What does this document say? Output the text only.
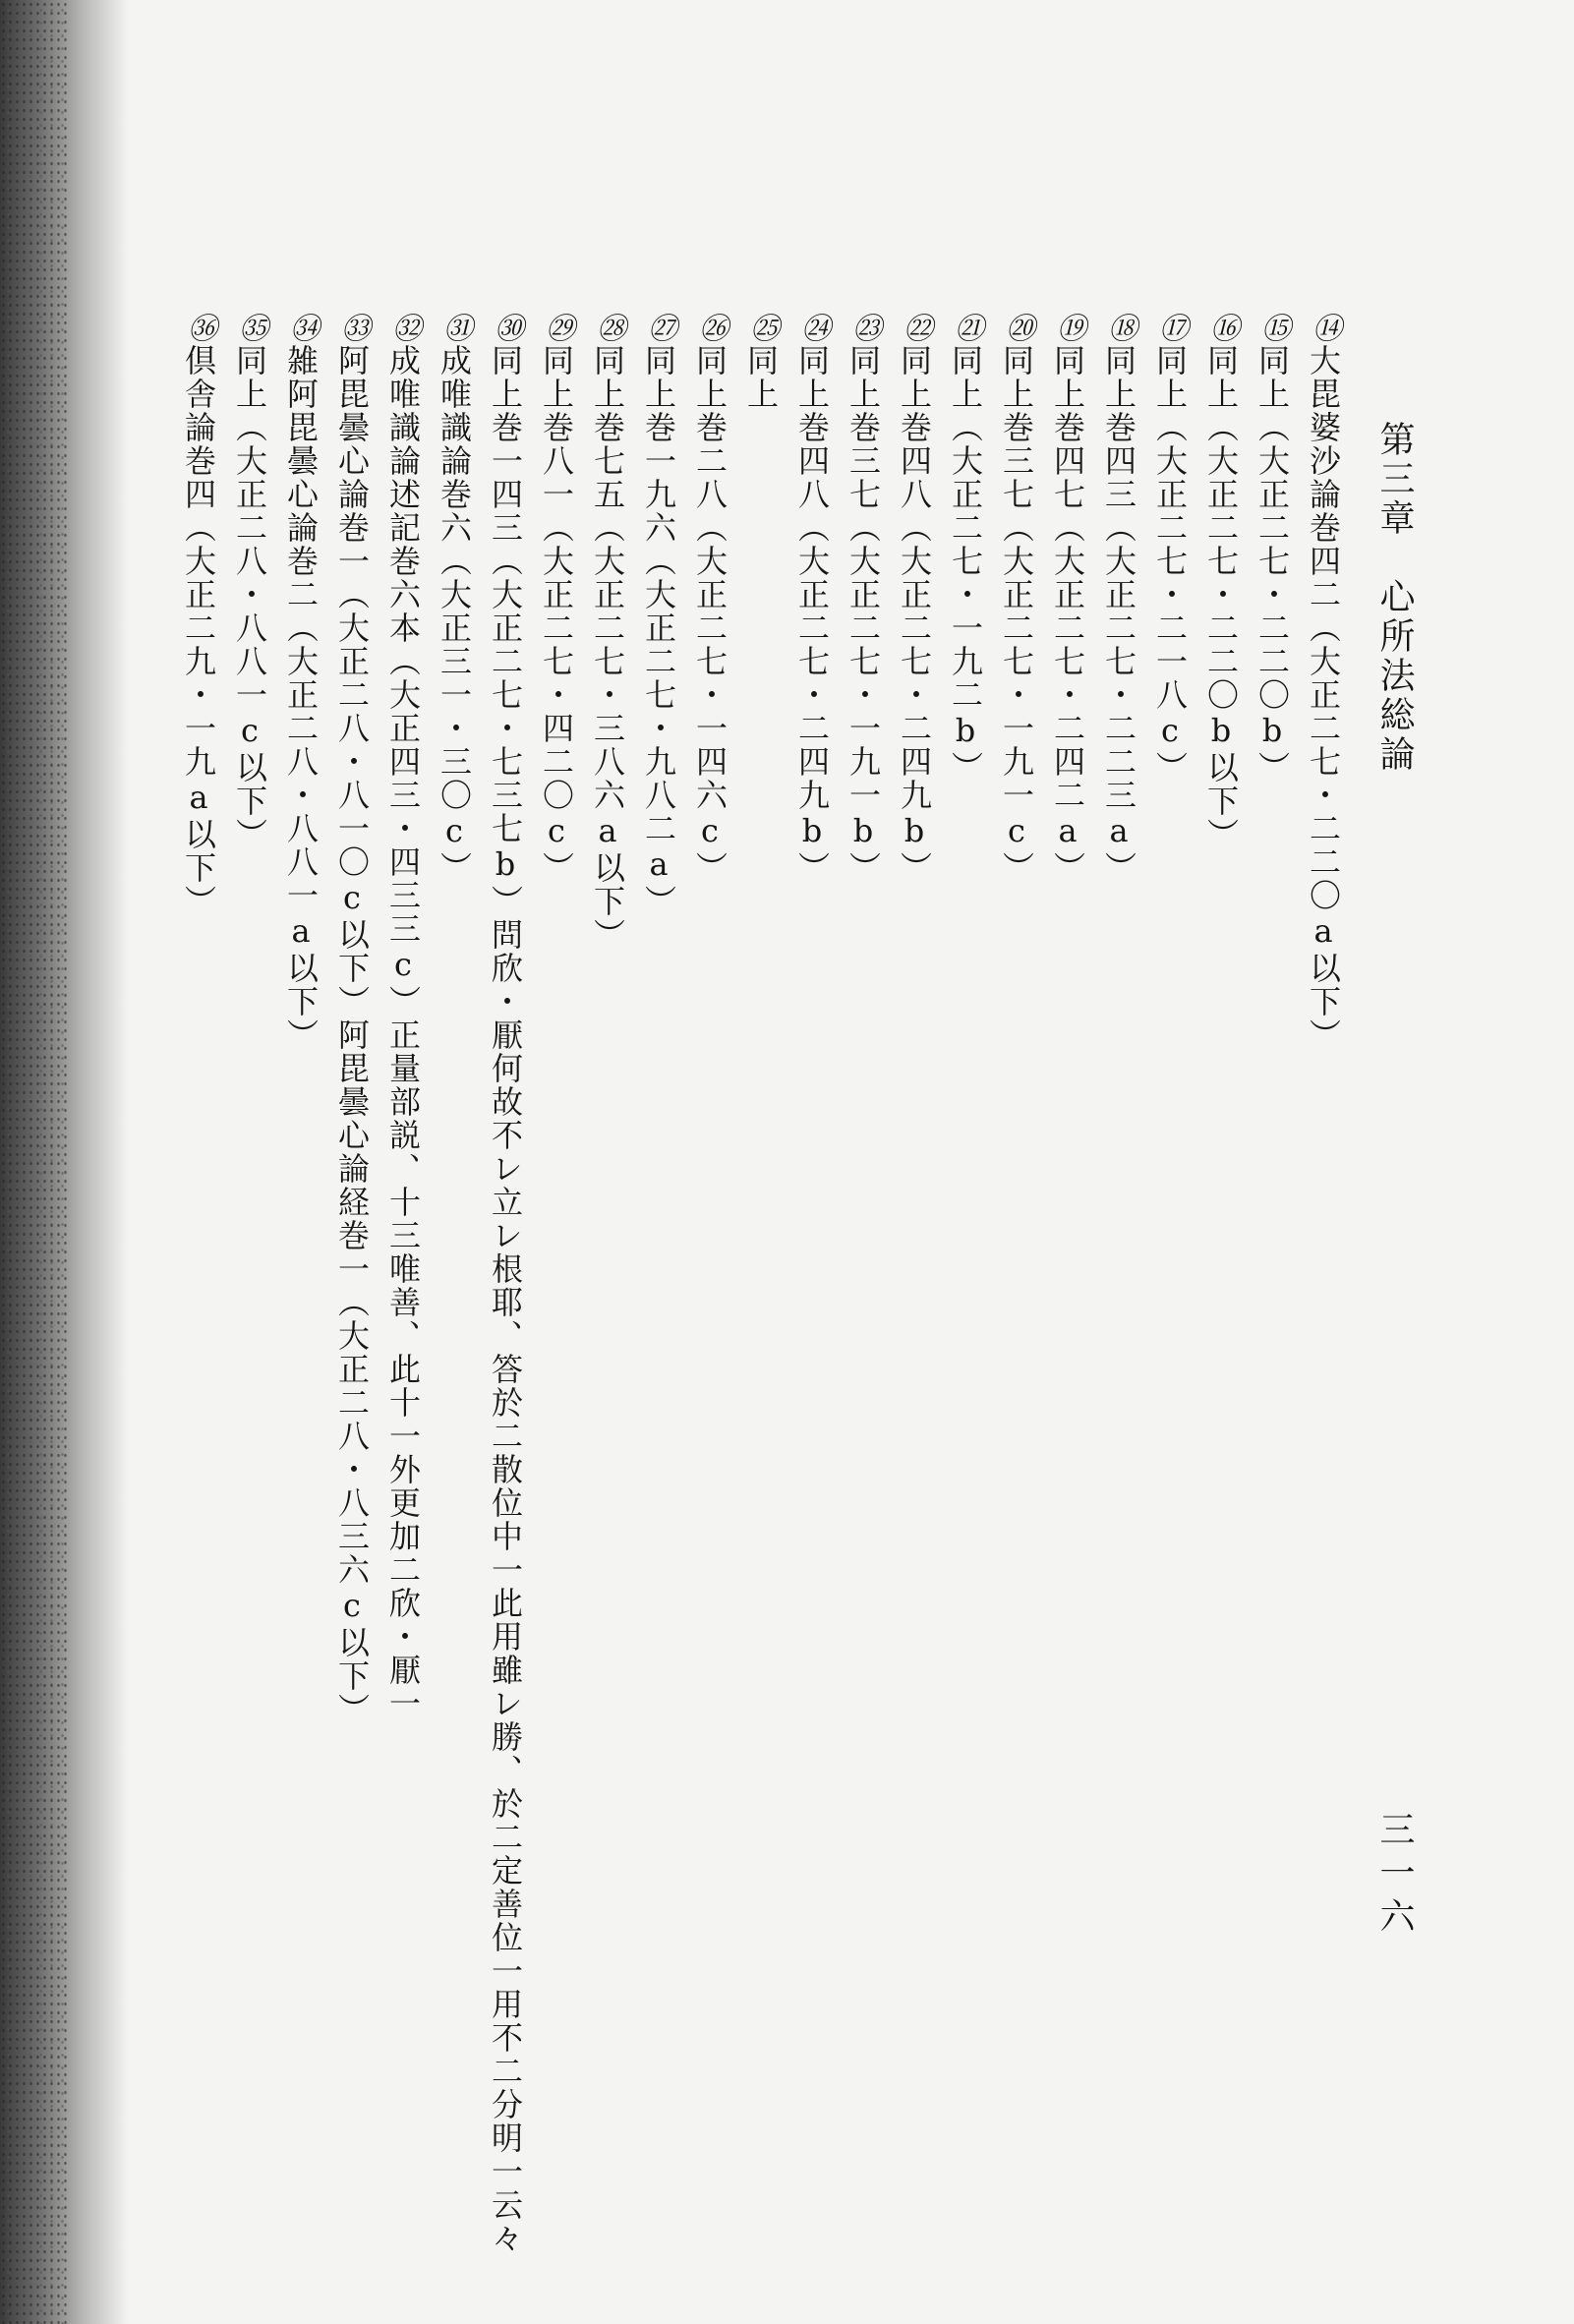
第三章　心所法総論
三一六
⑭大毘婆沙論巻四二（大正二七・二二〇a以下）
⑮同上（大正二七・二二〇b）
⑯同上（大正二七・二二〇b以下）
⑰同上（大正二七・二一八c）
⑱同上巻四三（大正二七・二二三a）
⑲同上巻四七（大正二七・二四二a）
⑳同上巻三七（大正二七・一九一c）
㉑同上（大正二七・一九二b）
㉒同上巻四八（大正二七・二四九b）
㉓同上巻三七（大正二七・一九一b）
㉔同上巻四八（大正二七・二四九b）
㉕同上
㉖同上巻二八（大正二七・一四六c）
㉗同上巻一九六（大正二七・九八二a）
㉘同上巻七五（大正二七・三八六a以下）
㉙同上巻八一（大正二七・四二〇c）
㉚同上巻一四三（大正二七・七三七b）問欣・厭何故不レ立レ根耶、答於二散位中一此用雖レ勝、於二定善位一用不二分明一云々
㉛成唯識論巻六（大正三一・三〇c）
㉜成唯識論述記巻六本（大正四三・四三三c）正量部説、十三唯善、此十一外更加二欣・厭一
㉝阿毘曇心論巻一（大正二八・八一〇c以下）阿毘曇心論経巻一（大正二八・八三六c以下）
㉞雑阿毘曇心論巻二（大正二八・八八一a以下）
㉟同上（大正二八・八八一c以下）
㊱倶舎論巻四（大正二九・一九a以下）
